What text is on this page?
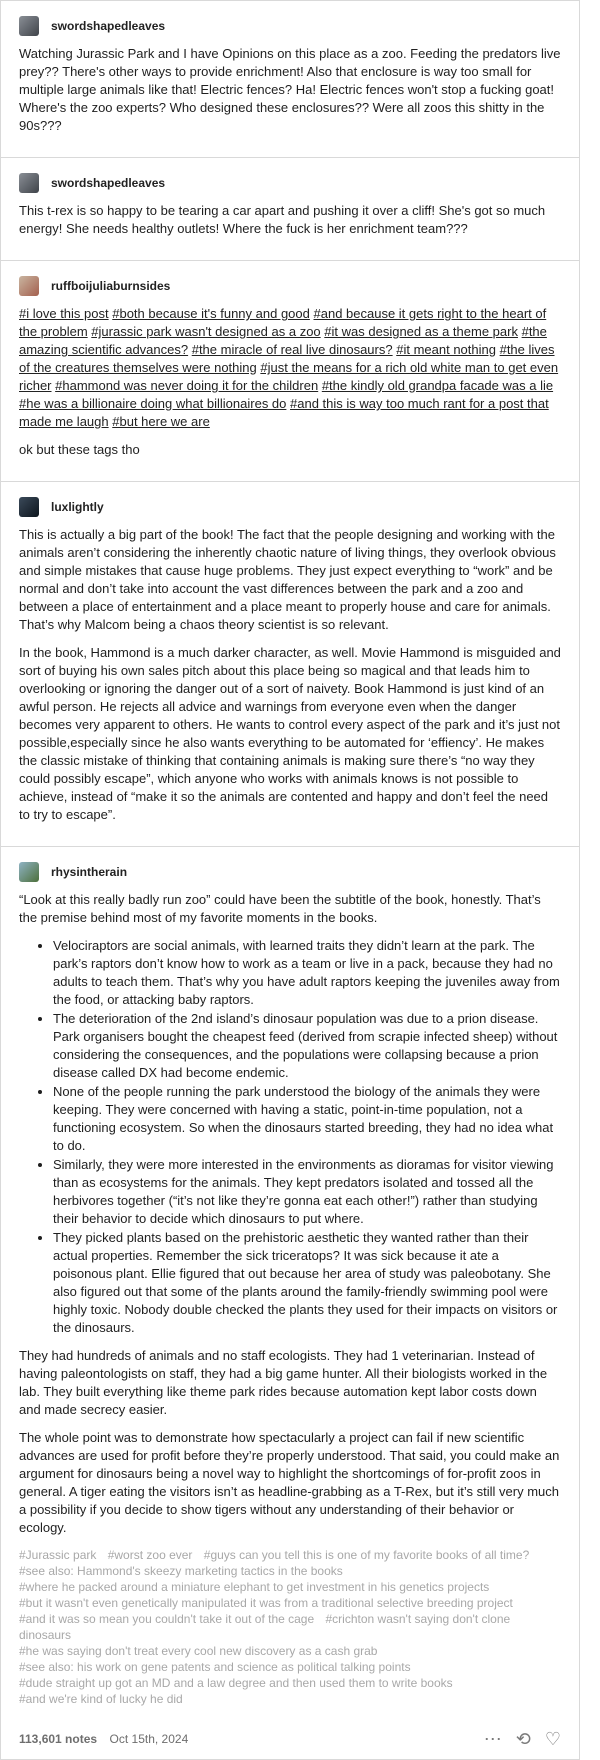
swordshapedleaves

Watching Jurassic Park and I have Opinions on this place as a zoo. Feeding the predators live prey?? There's other ways to provide enrichment! Also that enclosure is way too small for multiple large animals like that! Electric fences? Ha! Electric fences won't stop a fucking goat! Where's the zoo experts? Who designed these enclosures?? Were all zoos this shitty in the 90s???

swordshapedleaves

This t-rex is so happy to be tearing a car apart and pushing it over a cliff! She's got so much energy! She needs healthy outlets! Where the fuck is her enrichment team???

ruffboijuliaburnsides

#i love this post #both because it's funny and good #and because it gets right to the heart of the problem #jurassic park wasn't designed as a zoo #it was designed as a theme park #the amazing scientific advances? #the miracle of real live dinosaurs? #it meant nothing #the lives of the creatures themselves were nothing #just the means for a rich old white man to get even richer #hammond was never doing it for the children #the kindly old grandpa facade was a lie #he was a billionaire doing what billionaires do #and this is way too much rant for a post that made me laugh #but here we are

ok but these tags tho

luxlightly

This is actually a big part of the book! The fact that the people designing and working with the animals aren’t considering the inherently chaotic nature of living things, they overlook obvious and simple mistakes that cause huge problems. They just expect everything to “work” and be normal and don’t take into account the vast differences between the park and a zoo and between a place of entertainment and a place meant to properly house and care for animals. That’s why Malcom being a chaos theory scientist is so relevant.

In the book, Hammond is a much darker character, as well. Movie Hammond is misguided and sort of buying his own sales pitch about this place being so magical and that leads him to overlooking or ignoring the danger out of a sort of naivety. Book Hammond is just kind of an awful person. He rejects all advice and warnings from everyone even when the danger becomes very apparent to others. He wants to control every aspect of the park and it’s just not possible,especially since he also wants everything to be automated for ‘effiency’. He makes the classic mistake of thinking that containing animals is making sure there’s “no way they could possibly escape”, which anyone who works with animals knows is not possible to achieve, instead of “make it so the animals are contented and happy and don’t feel the need to try to escape”.

rhysintherain

“Look at this really badly run zoo” could have been the subtitle of the book, honestly. That’s the premise behind most of my favorite moments in the books.

• Velociraptors are social animals, with learned traits they didn’t learn at the park. The park’s raptors don’t know how to work as a team or live in a pack, because they had no adults to teach them. That’s why you have adult raptors keeping the juveniles away from the food, or attacking baby raptors.
• The deterioration of the 2nd island’s dinosaur population was due to a prion disease. Park organisers bought the cheapest feed (derived from scrapie infected sheep) without considering the consequences, and the populations were collapsing because a prion disease called DX had become endemic.
• None of the people running the park understood the biology of the animals they were keeping. They were concerned with having a static, point-in-time population, not a functioning ecosystem. So when the dinosaurs started breeding, they had no idea what to do.
• Similarly, they were more interested in the environments as dioramas for visitor viewing than as ecosystems for the animals. They kept predators isolated and tossed all the herbivores together (“it’s not like they’re gonna eat each other!”) rather than studying their behavior to decide which dinosaurs to put where.
• They picked plants based on the prehistoric aesthetic they wanted rather than their actual properties. Remember the sick triceratops? It was sick because it ate a poisonous plant. Ellie figured that out because her area of study was paleobotany. She also figured out that some of the plants around the family-friendly swimming pool were highly toxic. Nobody double checked the plants they used for their impacts on visitors or the dinosaurs.

They had hundreds of animals and no staff ecologists. They had 1 veterinarian. Instead of having paleontologists on staff, they had a big game hunter. All their biologists worked in the lab. They built everything like theme park rides because automation kept labor costs down and made secrecy easier.

The whole point was to demonstrate how spectacularly a project can fail if new scientific advances are used for profit before they’re properly understood. That said, you could make an argument for dinosaurs being a novel way to highlight the shortcomings of for-profit zoos in general. A tiger eating the visitors isn’t as headline-grabbing as a T-Rex, but it’s still very much a possibility if you decide to show tigers without any understanding of their behavior or ecology.

#Jurassic park #worst zoo ever #guys can you tell this is one of my favorite books of all time?
#see also: Hammond's skeezy marketing tactics in the books
#where he packed around a miniature elephant to get investment in his genetics projects
#but it wasn't even genetically manipulated it was from a traditional selective breeding project
#and it was so mean you couldn't take it out of the cage #crichton wasn't saying don't clone dinosaurs
#he was saying don't treat every cool new discovery as a cash grab
#see also: his work on gene patents and science as political talking points
#dude straight up got an MD and a law degree and then used them to write books
#and we're kind of lucky he did
113,601 notes Oct 15th, 2024	⋯ ⟲ ♡
